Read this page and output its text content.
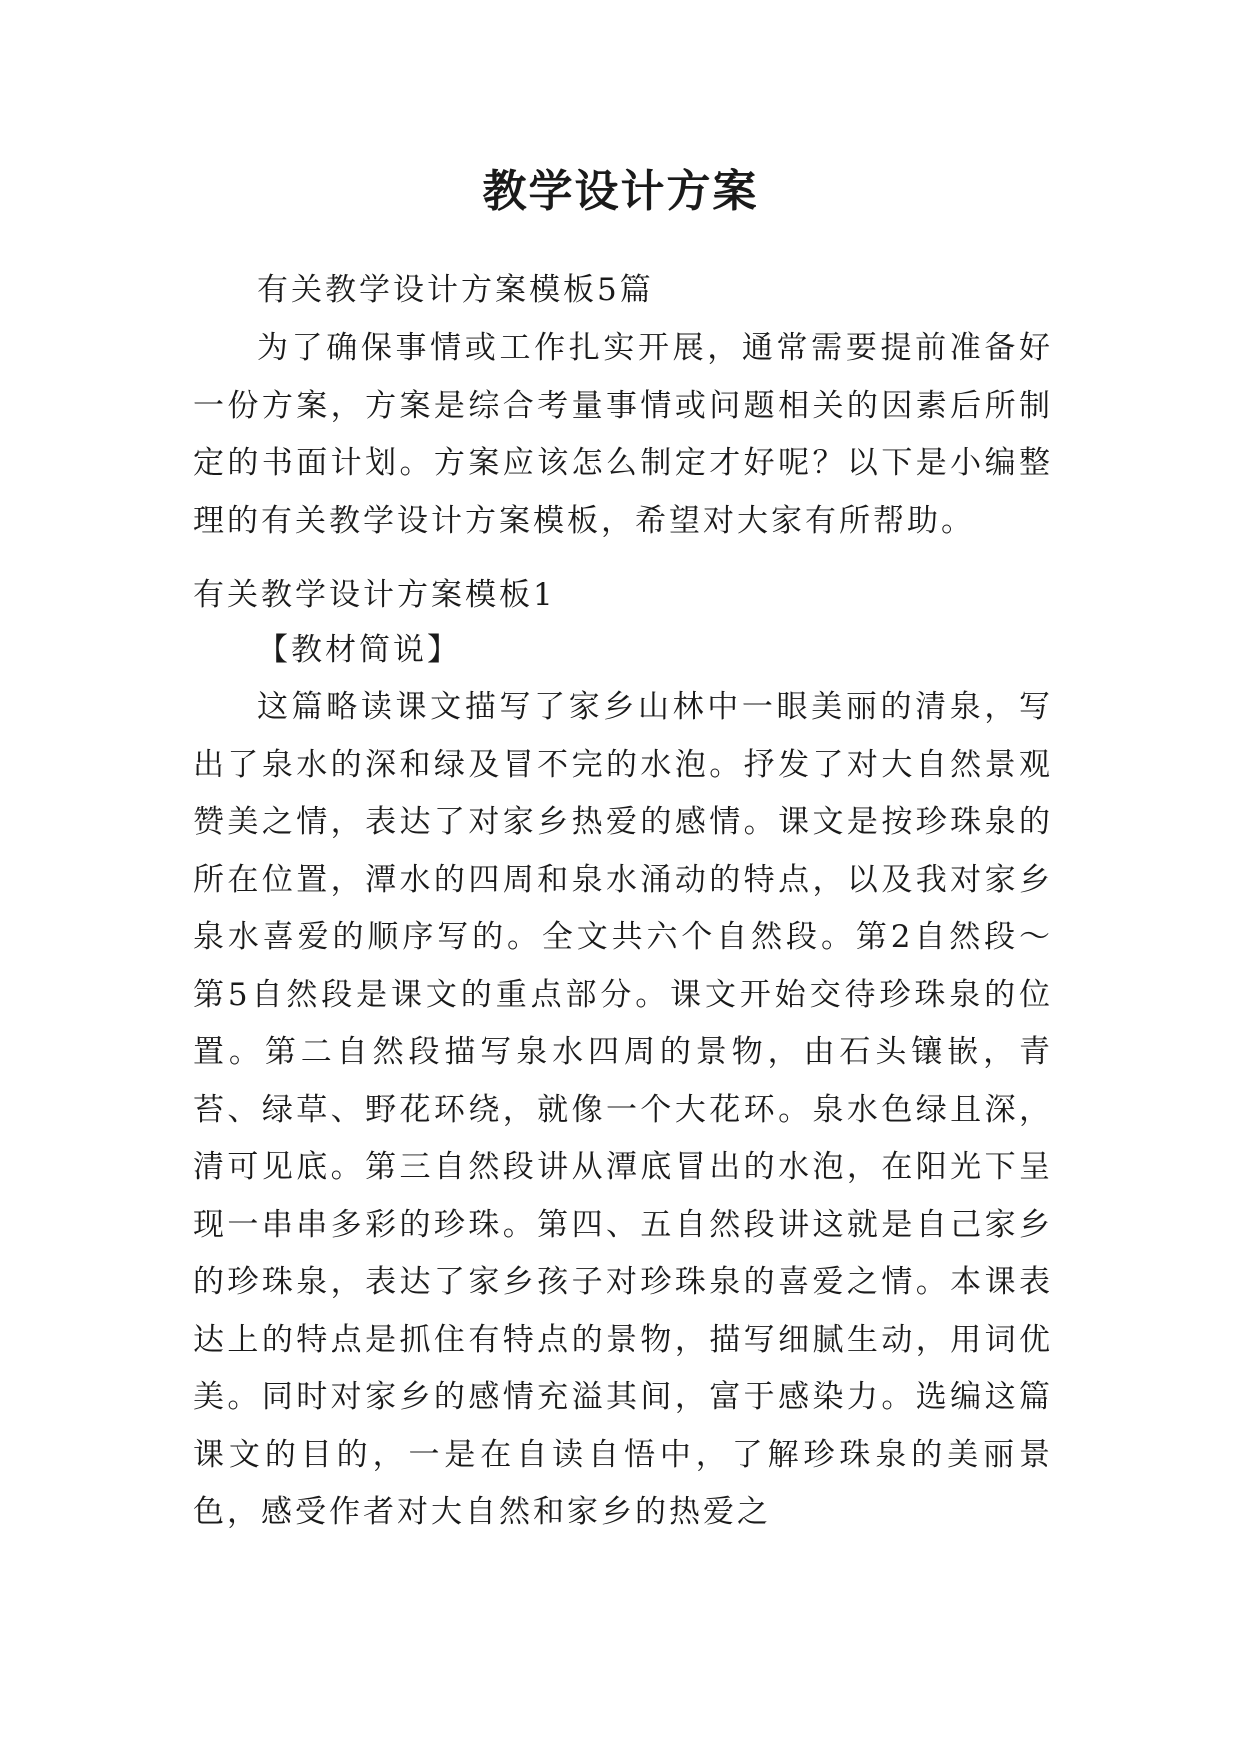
教学设计方案

有关教学设计方案模板5篇

为了确保事情或工作扎实开展，通常需要提前准备好一份方案，方案是综合考量事情或问题相关的因素后所制定的书面计划。方案应该怎么制定才好呢？以下是小编整理的有关教学设计方案模板，希望对大家有所帮助。

有关教学设计方案模板1

【教材简说】

这篇略读课文描写了家乡山林中一眼美丽的清泉，写出了泉水的深和绿及冒不完的水泡。抒发了对大自然景观赞美之情，表达了对家乡热爱的感情。课文是按珍珠泉的所在位置，潭水的四周和泉水涌动的特点，以及我对家乡泉水喜爱的顺序写的。全文共六个自然段。第2自然段～第5自然段是课文的重点部分。课文开始交待珍珠泉的位置。第二自然段描写泉水四周的景物，由石头镶嵌，青苔、绿草、野花环绕，就像一个大花环。泉水色绿且深，清可见底。第三自然段讲从潭底冒出的水泡，在阳光下呈现一串串多彩的珍珠。第四、五自然段讲这就是自己家乡的珍珠泉，表达了家乡孩子对珍珠泉的喜爱之情。本课表达上的特点是抓住有特点的景物，描写细腻生动，用词优美。同时对家乡的感情充溢其间，富于感染力。选编这篇课文的目的，一是在自读自悟中，了解珍珠泉的美丽景色，感受作者对大自然和家乡的热爱之
